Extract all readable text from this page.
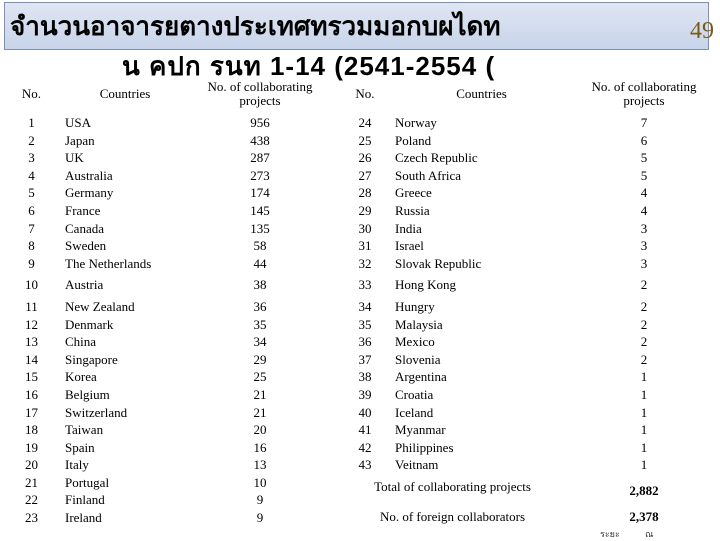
จำนวนอาจารยตางประเทศทรวมมอกบผไดท
น คปก รนท 1-14 (2541-2554 (
49
No.	Countries	No. of collaborating
projects

1	USA	956
2	Japan	438
3	UK	287
4	Australia	273
5	Germany	174
6	France	145
7	Canada	135
8	Sweden	58
9	The Netherlands	44

10	Austria	38

11	New Zealand	36
12	Denmark	35
13	China	34
14	Singapore	29
15	Korea	25
16	Belgium	21
17	Switzerland	21
18	Taiwan	20
19	Spain	16
20	Italy	13
21	Portugal	10
22	Finland	9
23	Ireland	9
No.	Countries	No. of collaborating
projects

24	Norway	7
25	Poland	6
26	Czech Republic	5
27	South Africa	5
28	Greece	4
29	Russia	4
30	India	3
31	Israel	3
32	Slovak Republic	3

33	Hong Kong	2

34	Hungry	2
35	Malaysia	2
36	Mexico	2
37	Slovenia	2
38	Argentina	1
39	Croatia	1
40	Iceland	1
41	Myanmar	1
42	Philippines	1
43	Veitnam	1
Total of collaborating projects		2,882
No. of foreign collaborators		2,378
ระยะ	ณ
